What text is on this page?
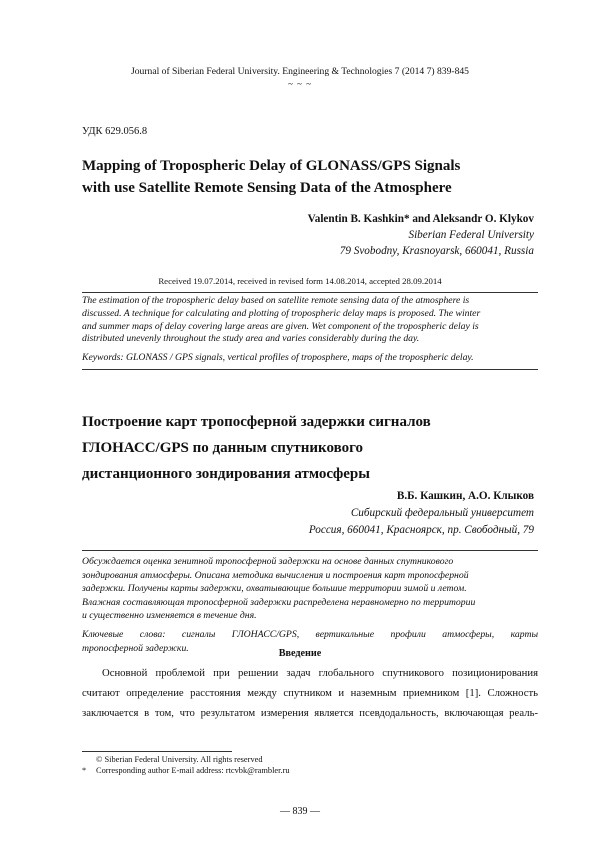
Journal of Siberian Federal University. Engineering & Technologies 7 (2014 7) 839-845
~ ~ ~
УДК 629.056.8
Mapping of Tropospheric Delay of GLONASS/GPS Signals
with use Satellite Remote Sensing Data of the Atmosphere
Valentin B. Kashkin* and Aleksandr O. Klykov
Siberian Federal University
79 Svobodny, Krasnoyarsk, 660041, Russia
Received 19.07.2014, received in revised form 14.08.2014, accepted 28.09.2014
The estimation of the tropospheric delay based on satellite remote sensing data of the atmosphere is
discussed. A technique for calculating and plotting of tropospheric delay maps is proposed. The winter
and summer maps of delay covering large areas are given. Wet component of the tropospheric delay is
distributed unevenly throughout the study area and varies considerably during the day.
Keywords: GLONASS / GPS signals, vertical profiles of troposphere, maps of the tropospheric delay.
Построение карт тропосферной задержки сигналов
ГЛОНАСС/GPS по данным спутникового
дистанционного зондирования атмосферы
В.Б. Кашкин, А.О. Клыков
Сибирский федеральный университет
Россия, 660041, Красноярск, пр. Свободный, 79
Обсуждается оценка зенитной тропосферной задержки на основе данных спутникового
зондирования атмосферы. Описана методика вычисления и построения карт тропосферной
задержки. Получены карты задержки, охватывающие большие территории зимой и летом.
Влажная составляющая тропосферной задержки распределена неравномерно по территории
и существенно изменяется в течение дня.
Ключевые слова: сигналы ГЛОНАСС/GPS, вертикальные профили атмосферы, карты
тропосферной задержки.	Введение
Основной проблемой при решении задач глобального спутникового позиционирования
считают определение расстояния между спутником и наземным приемником [1]. Сложность
заключается в том, что результатом измерения является псевдодальность, включающая реаль-
© Siberian Federal University. All rights reserved
* Corresponding author E-mail address: rtcvbk@rambler.ru
— 839 —
